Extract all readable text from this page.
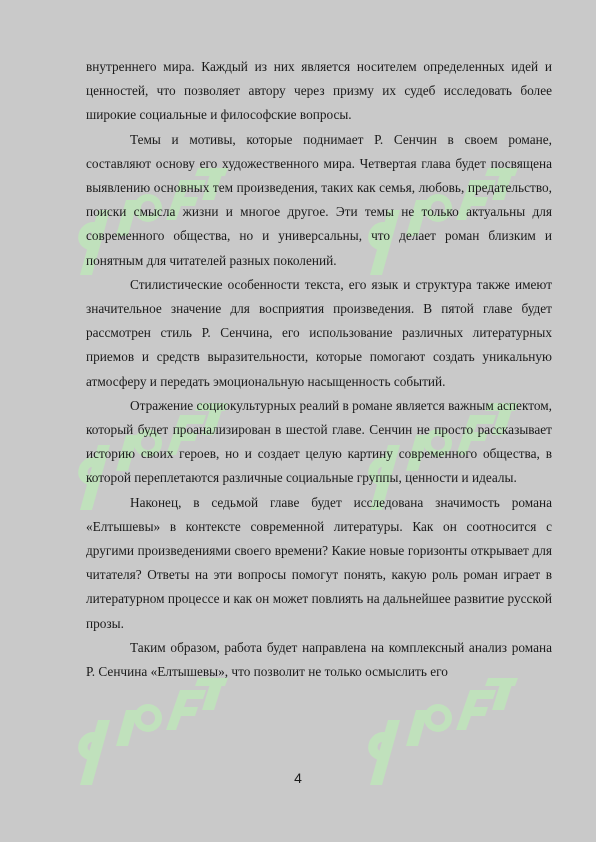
внутреннего мира. Каждый из них является носителем определенных идей и ценностей, что позволяет автору через призму их судеб исследовать более широкие социальные и философские вопросы.

Темы и мотивы, которые поднимает Р. Сенчин в своем романе, составляют основу его художественного мира. Четвертая глава будет посвящена выявлению основных тем произведения, таких как семья, любовь, предательство, поиски смысла жизни и многое другое. Эти темы не только актуальны для современного общества, но и универсальны, что делает роман близким и понятным для читателей разных поколений.

Стилистические особенности текста, его язык и структура также имеют значительное значение для восприятия произведения. В пятой главе будет рассмотрен стиль Р. Сенчина, его использование различных литературных приемов и средств выразительности, которые помогают создать уникальную атмосферу и передать эмоциональную насыщенность событий.

Отражение социокультурных реалий в романе является важным аспектом, который будет проанализирован в шестой главе. Сенчин не просто рассказывает историю своих героев, но и создает целую картину современного общества, в которой переплетаются различные социальные группы, ценности и идеалы.

Наконец, в седьмой главе будет исследована значимость романа «Елтышевы» в контексте современной литературы. Как он соотносится с другими произведениями своего времени? Какие новые горизонты открывает для читателя? Ответы на эти вопросы помогут понять, какую роль роман играет в литературном процессе и как он может повлиять на дальнейшее развитие русской прозы.

Таким образом, работа будет направлена на комплексный анализ романа Р. Сенчина «Елтышевы», что позволит не только осмыслить его

4
